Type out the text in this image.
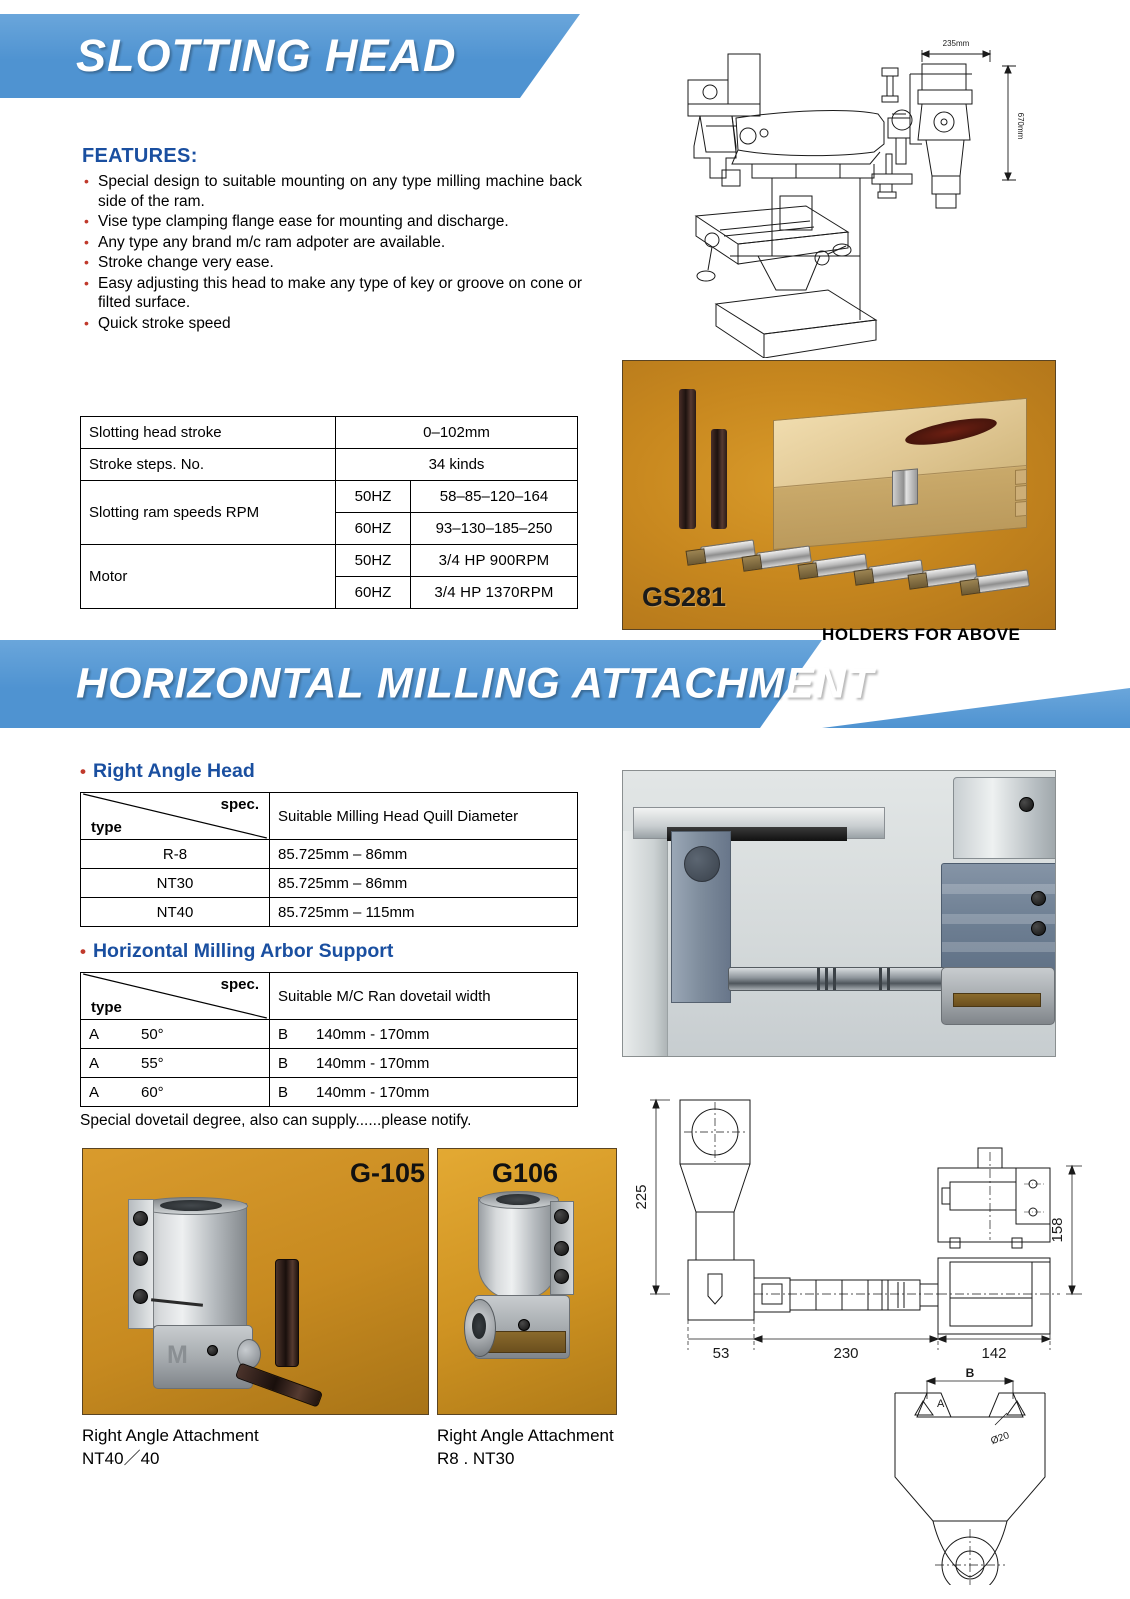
SLOTTING HEAD
FEATURES:
• Special design to suitable mounting on any type milling machine back side of the ram.
• Vise type clamping flange ease for mounting and discharge.
• Any type any brand m/c ram adpoter are available.
• Stroke change very ease.
• Easy adjusting this head to make any type of key or groove on cone or filted surface.
• Quick stroke speed
235mm
670mm
Slotting head stroke	0–102mm	
Stroke steps. No.	34 kinds	
Slotting ram speeds RPM	50HZ	58–85–120–164
	60HZ	93–130–185–250
Motor	50HZ	3/4 HP 900RPM
	60HZ	3/4 HP 1370RPM	GS281
HOLDERS FOR ABOVE
HORIZONTAL MILLING ATTACHMENT
• Right Angle Head
spec.
type	Suitable Milling Head Quill Diameter
R-8	85.725mm – 86mm
NT30	85.725mm – 86mm
NT40	85.725mm – 115mm
• Horizontal Milling Arbor Support
spec.
type	Suitable M/C Ran dovetail width
A 50°	B 140mm - 170mm
A 55°	B 140mm - 170mm
A 60°	B 140mm - 170mm
Special dovetail degree, also can supply......please notify.
225
158
53	230	142
A
B
Ø20
M
G-105
Right Angle Attachment
NT40／40
G106
Right Angle Attachment
R8 . NT30
